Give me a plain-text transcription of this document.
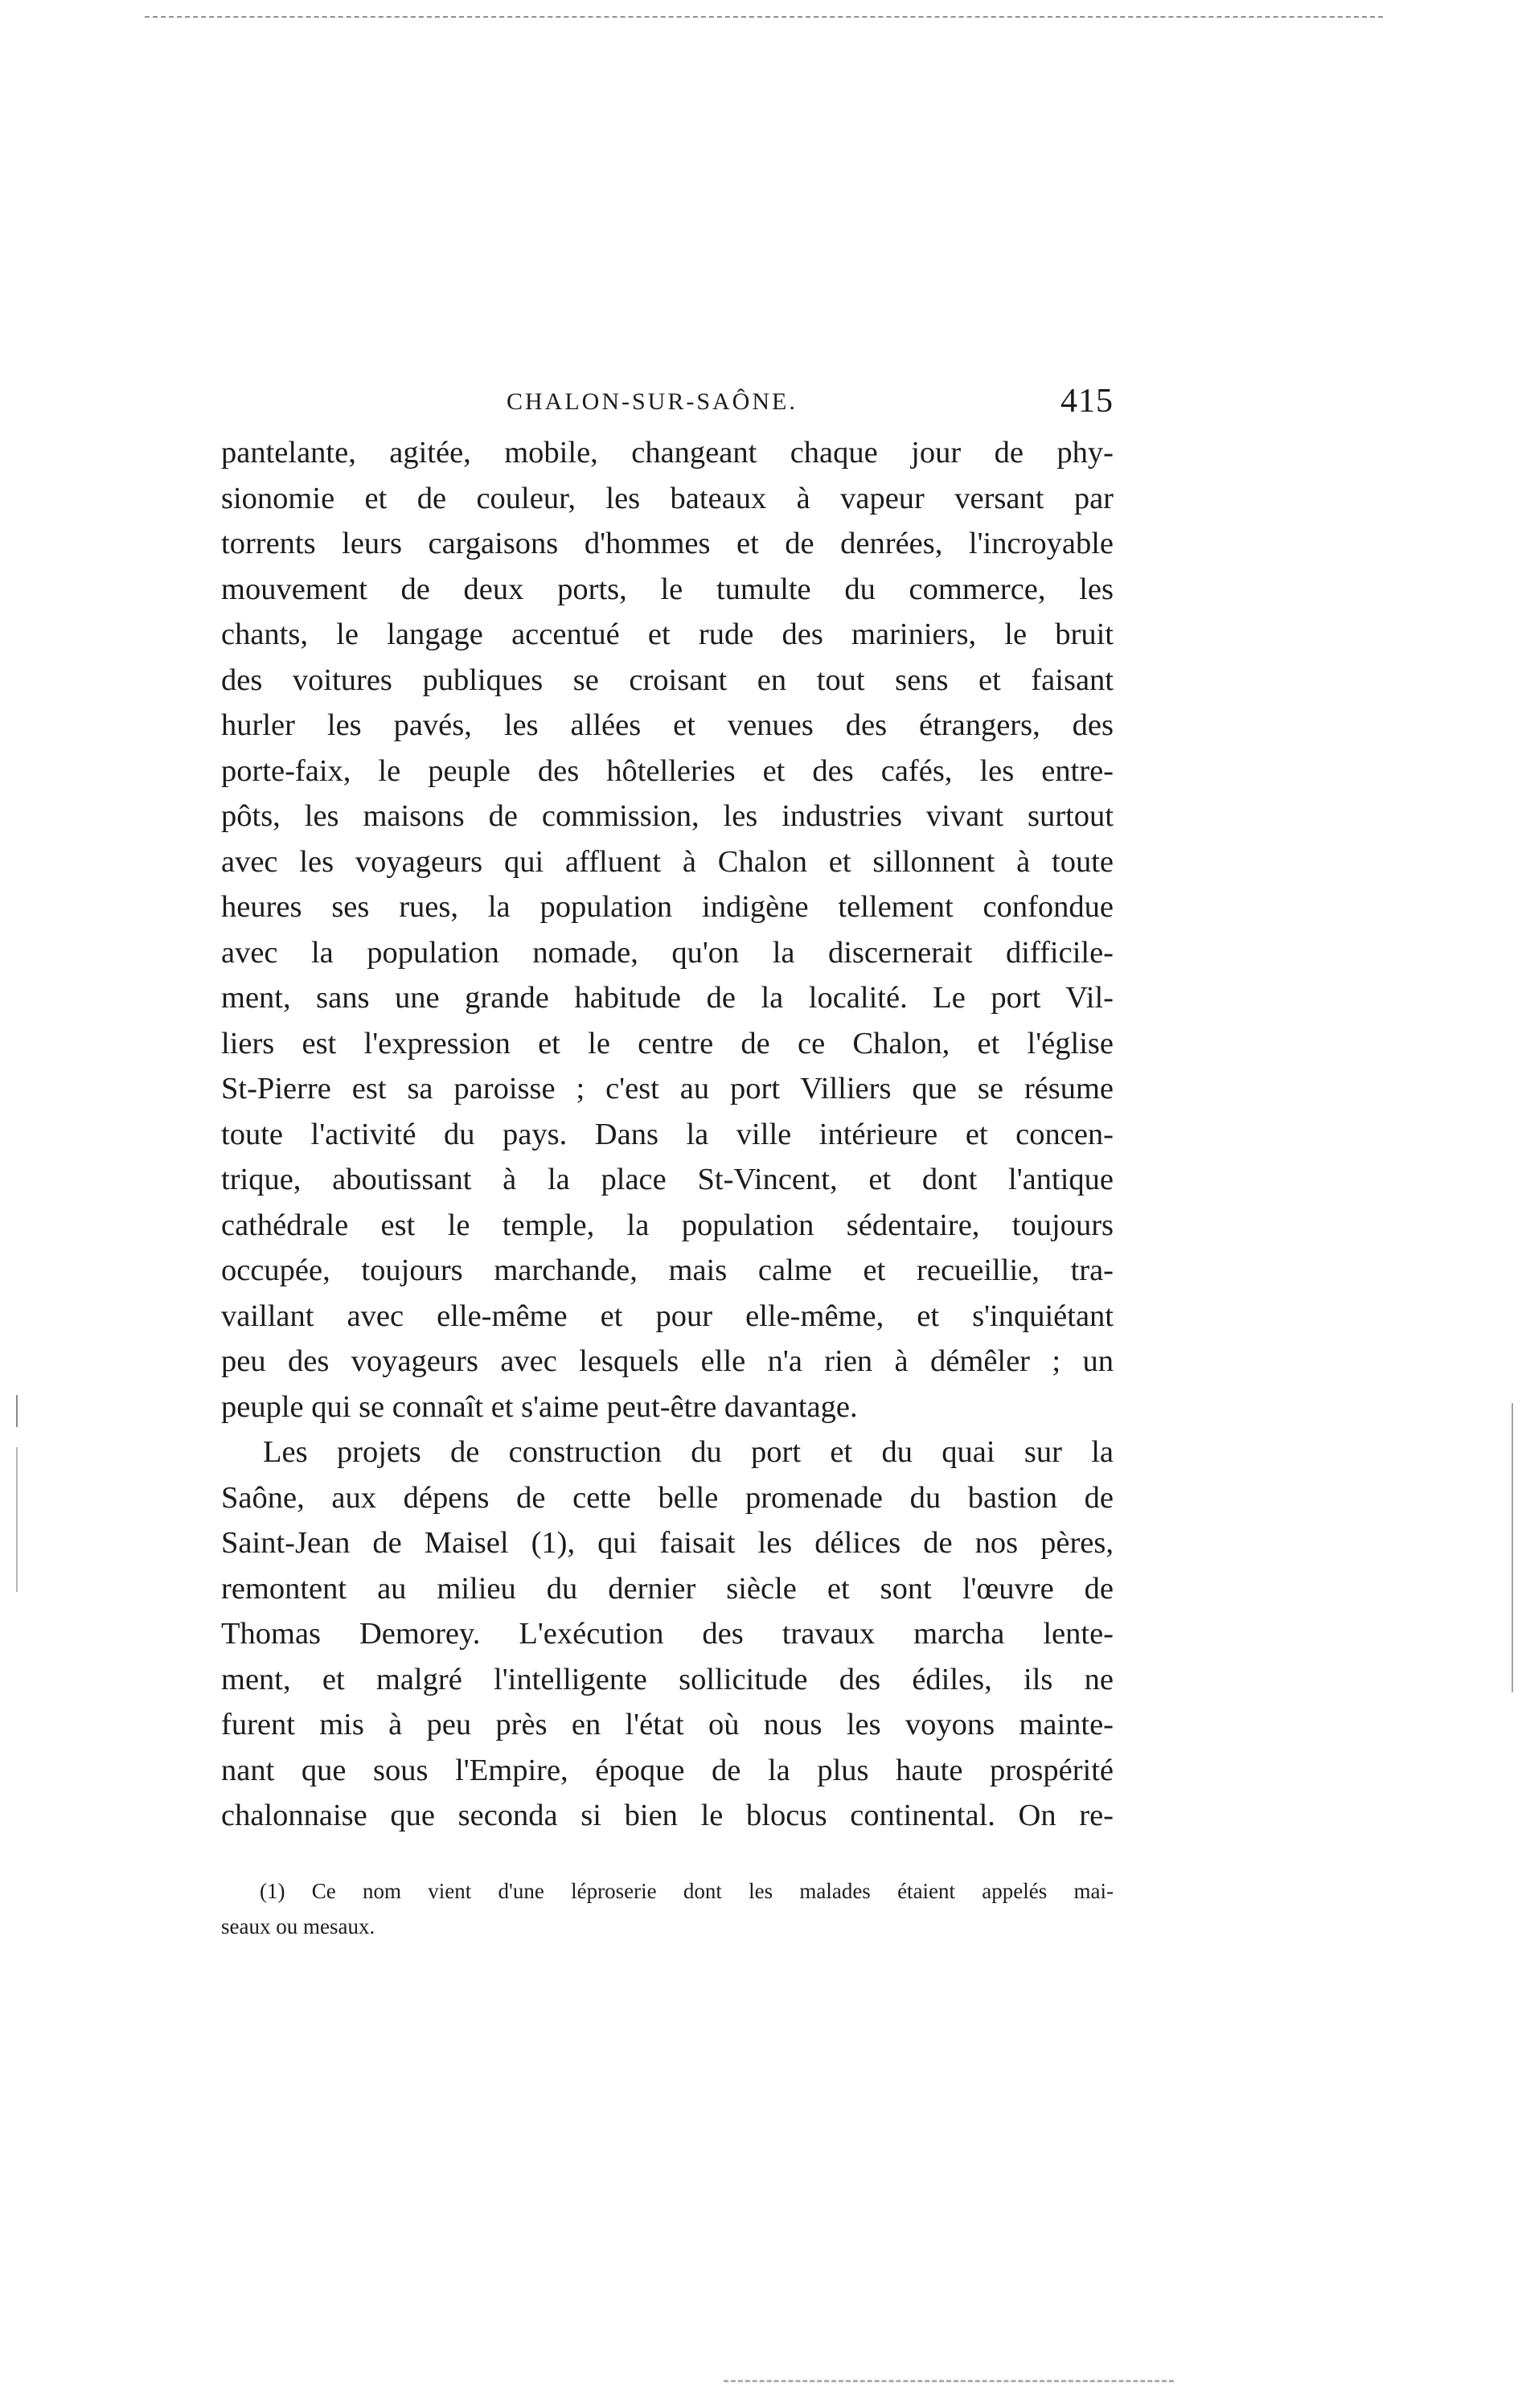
CHALON-SUR-SAÔNE.	415
pantelante, agitée, mobile, changeant chaque jour de phy-
sionomie et de couleur, les bateaux à vapeur versant par
torrents leurs cargaisons d'hommes et de denrées, l'incroyable
mouvement de deux ports, le tumulte du commerce, les
chants, le langage accentué et rude des mariniers, le bruit
des voitures publiques se croisant en tout sens et faisant
hurler les pavés, les allées et venues des étrangers, des
porte-faix, le peuple des hôtelleries et des cafés, les entre-
pôts, les maisons de commission, les industries vivant surtout
avec les voyageurs qui affluent à Chalon et sillonnent à toute
heures ses rues, la population indigène tellement confondue
avec la population nomade, qu'on la discernerait difficile-
ment, sans une grande habitude de la localité. Le port Vil-
liers est l'expression et le centre de ce Chalon, et l'église
St-Pierre est sa paroisse ; c'est au port Villiers que se résume
toute l'activité du pays. Dans la ville intérieure et concen-
trique, aboutissant à la place St-Vincent, et dont l'antique
cathédrale est le temple, la population sédentaire, toujours
occupée, toujours marchande, mais calme et recueillie, tra-
vaillant avec elle-même et pour elle-même, et s'inquiétant
peu des voyageurs avec lesquels elle n'a rien à démêler ; un
peuple qui se connaît et s'aime peut-être davantage.
Les projets de construction du port et du quai sur la
Saône, aux dépens de cette belle promenade du bastion de
Saint-Jean de Maisel (1), qui faisait les délices de nos pères,
remontent au milieu du dernier siècle et sont l'œuvre de
Thomas Demorey. L'exécution des travaux marcha lente-
ment, et malgré l'intelligente sollicitude des édiles, ils ne
furent mis à peu près en l'état où nous les voyons mainte-
nant que sous l'Empire, époque de la plus haute prospérité
chalonnaise que seconda si bien le blocus continental. On re-
(1) Ce nom vient d'une léproserie dont les malades étaient appelés mai-
seaux ou mesaux.
